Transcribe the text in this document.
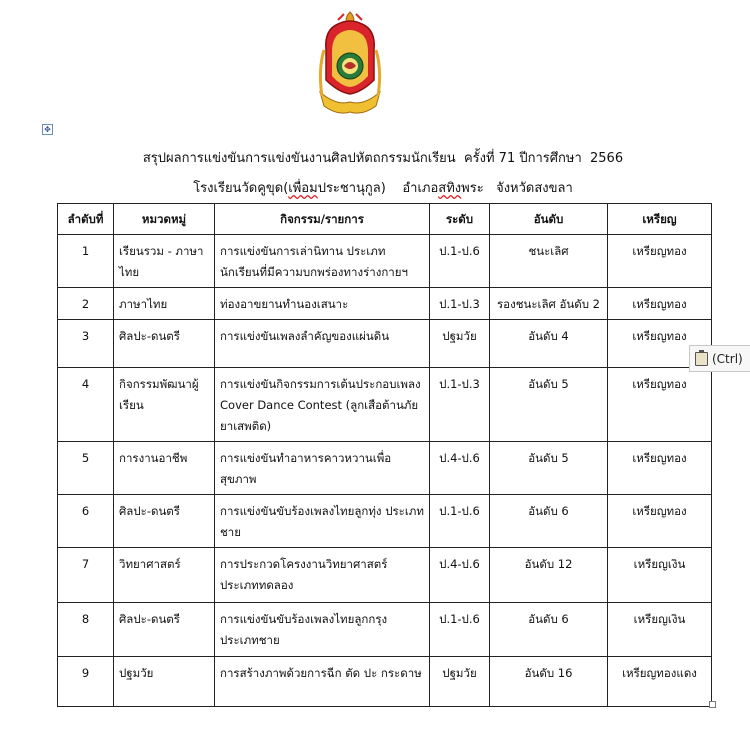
✥
สรุปผลการแข่งขันการแข่งขันงานศิลปหัตถกรรมนักเรียน  ครั้งที่ 71 ปีการศึกษา  2566
โรงเรียนวัดคูขุด(เพื่อมประชานุกูล)    อำเภอสทิงพระ   จังหวัดสงขลา
ลำดับที่	หมวดหมู่	กิจกรรม/รายการ	ระดับ	อันดับ	เหรียญ
1	เรียนรวม - ภาษาไทย	การแข่งขันการเล่านิทาน ประเภทนักเรียนที่มีความบกพร่องทางร่างกายฯ	ป.1-ป.6	ชนะเลิศ	เหรียญทอง
2	ภาษาไทย	ท่องอาขยานทำนองเสนาะ	ป.1-ป.3	รองชนะเลิศ อันดับ 2	เหรียญทอง
3	ศิลปะ-ดนตรี	การแข่งขันเพลงลำคัญของแผ่นดิน	ปฐมวัย	อันดับ 4	เหรียญทอง
4	กิจกรรมพัฒนาผู้เรียน	การแข่งขันกิจกรรมการเต้นประกอบเพลง Cover Dance Contest (ลูกเสือต้านภัยยาเสพติด)	ป.1-ป.3	อันดับ 5	เหรียญทอง
5	การงานอาชีพ	การแข่งขันทำอาหารคาวหวานเพื่อสุขภาพ	ป.4-ป.6	อันดับ 5	เหรียญทอง
6	ศิลปะ-ดนตรี	การแข่งขันขับร้องเพลงไทยลูกทุ่ง ประเภทชาย	ป.1-ป.6	อันดับ 6	เหรียญทอง
7	วิทยาศาสตร์	การประกวดโครงงานวิทยาศาสตร์ ประเภททดลอง	ป.4-ป.6	อันดับ 12	เหรียญเงิน
8	ศิลปะ-ดนตรี	การแข่งขันขับร้องเพลงไทยลูกกรุง ประเภทชาย	ป.1-ป.6	อันดับ 6	เหรียญเงิน
9	ปฐมวัย	การสร้างภาพด้วยการฉีก ตัด ปะ กระดาษ	ปฐมวัย	อันดับ 16	เหรียญทองแดง
(Ctrl)
